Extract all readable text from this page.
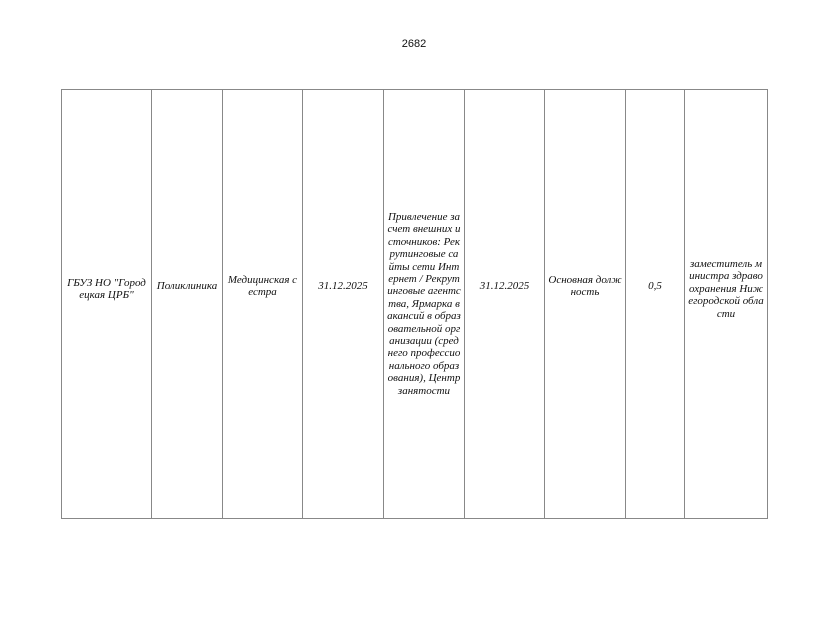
2682
ГБУЗ НО "Городецкая ЦРБ"	Поликлиника	Медицинская сестра	31.12.2025	Привлечение за счет внешних источников: Рекрутинговые сайты сети Интернет / Рекрутинговые агентства, Ярмарка вакансий в образовательной организации (среднего профессионального образования), Центр занятости	31.12.2025	Основная должность	0,5	заместитель министра здравоохранения Нижегородской области
